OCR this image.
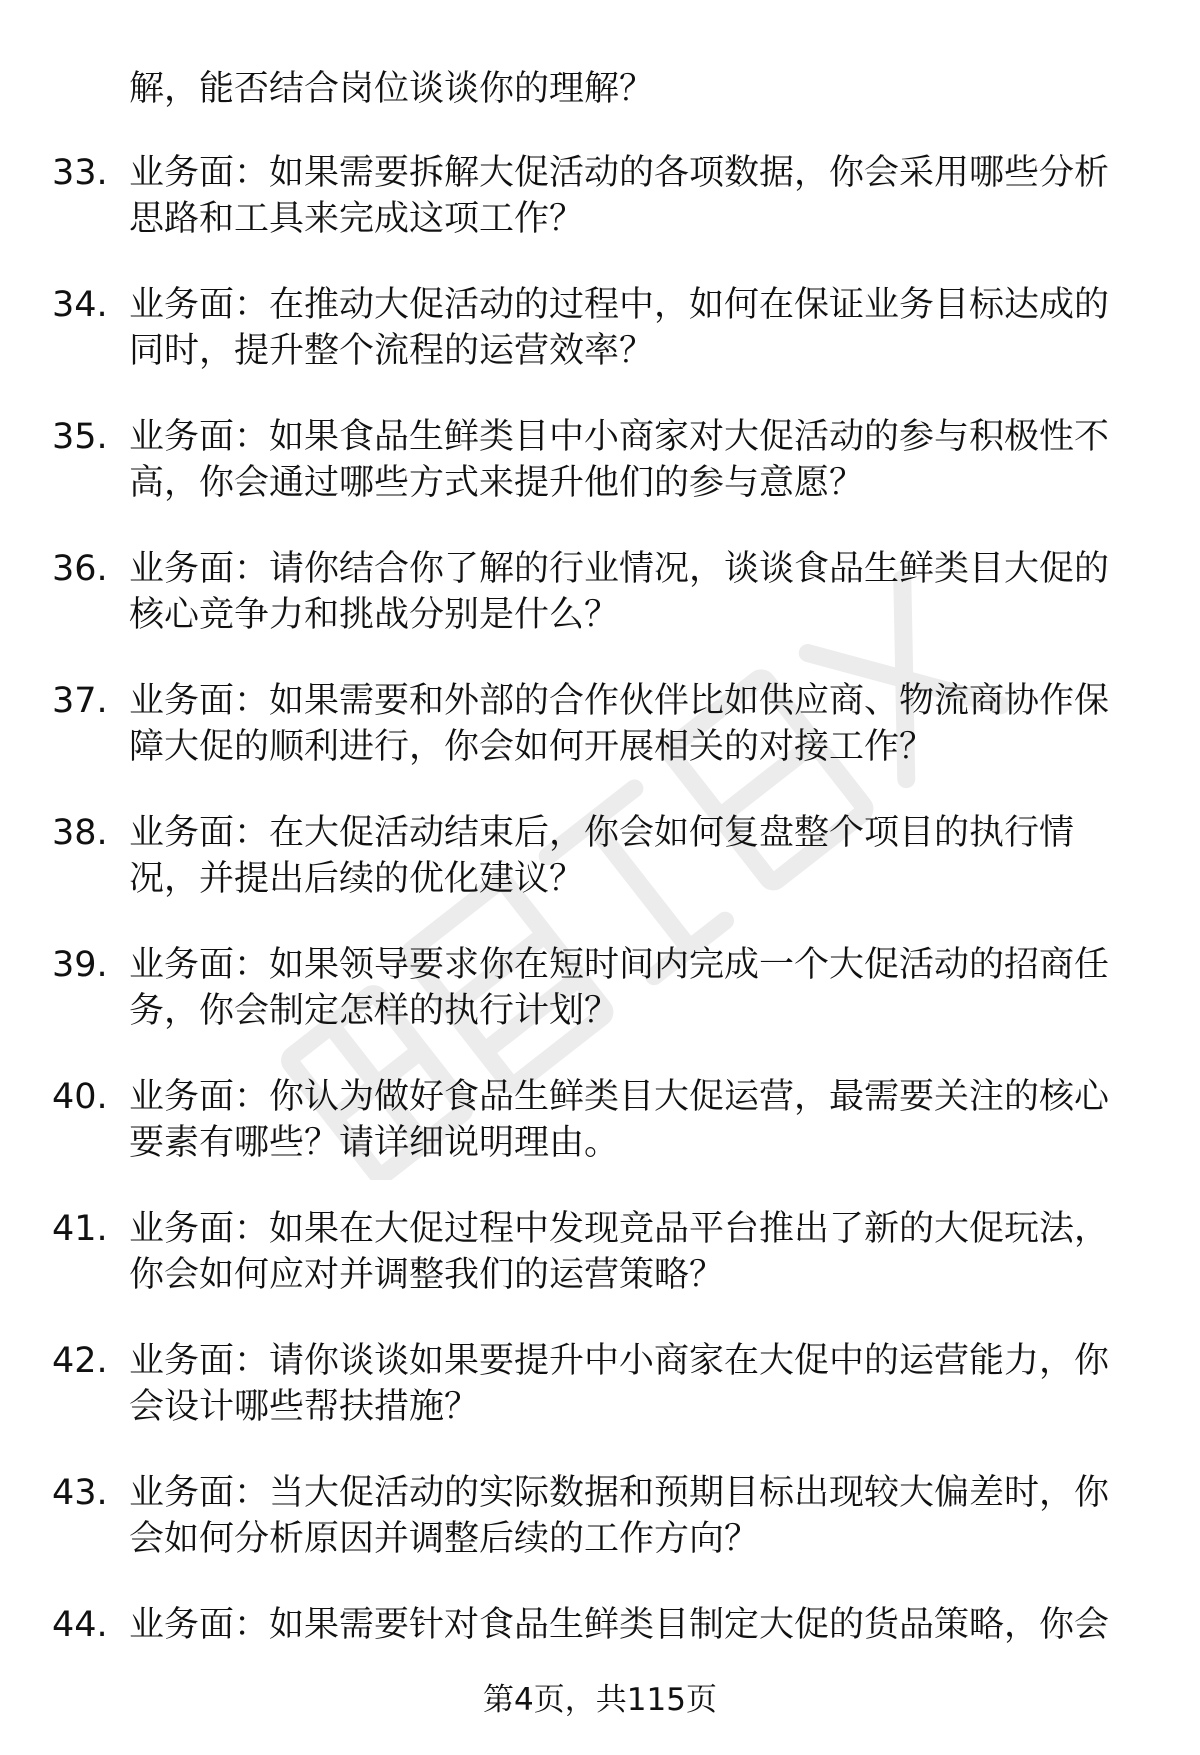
解，能否结合岗位谈谈你的理解？
33. 业务面：如果需要拆解大促活动的各项数据，你会采用哪些分析
思路和工具来完成这项工作？
34. 业务面：在推动大促活动的过程中，如何在保证业务目标达成的
同时，提升整个流程的运营效率？
35. 业务面：如果食品生鲜类目中小商家对大促活动的参与积极性不
高，你会通过哪些方式来提升他们的参与意愿？
36. 业务面：请你结合你了解的行业情况，谈谈食品生鲜类目大促的
核心竞争力和挑战分别是什么？
37. 业务面：如果需要和外部的合作伙伴比如供应商、物流商协作保
障大促的顺利进行，你会如何开展相关的对接工作？
38. 业务面：在大促活动结束后，你会如何复盘整个项目的执行情
况，并提出后续的优化建议？
39. 业务面：如果领导要求你在短时间内完成一个大促活动的招商任
务，你会制定怎样的执行计划？
40. 业务面：你认为做好食品生鲜类目大促运营，最需要关注的核心
要素有哪些？请详细说明理由。
41. 业务面：如果在大促过程中发现竞品平台推出了新的大促玩法，
你会如何应对并调整我们的运营策略？
42. 业务面：请你谈谈如果要提升中小商家在大促中的运营能力，你
会设计哪些帮扶措施？
43. 业务面：当大促活动的实际数据和预期目标出现较大偏差时，你
会如何分析原因并调整后续的工作方向？
44. 业务面：如果需要针对食品生鲜类目制定大促的货品策略，你会
第4页，共115页
